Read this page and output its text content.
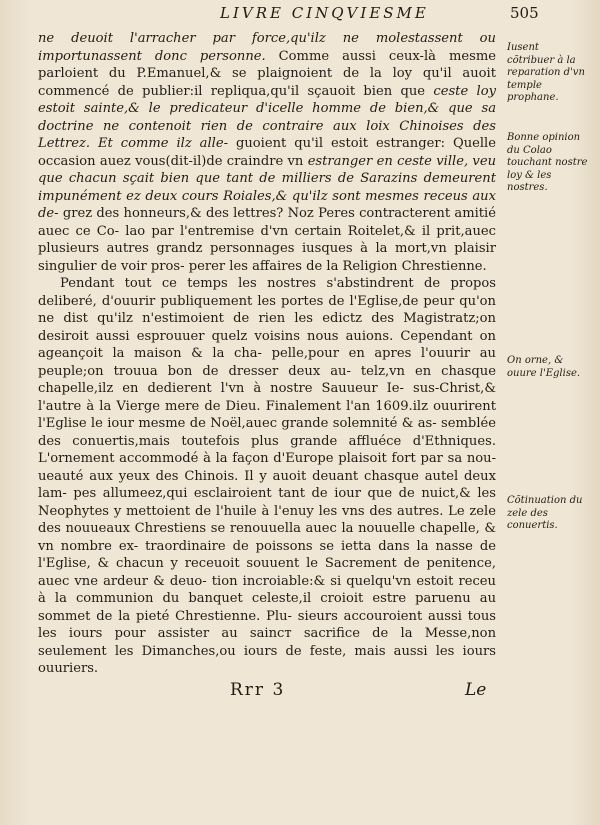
LIVRE CINQVIESME	505

ne deuoit l'arracher par force,qu'ilz ne molestassent ou importunassent donc personne. Comme aussi ceux-là mesme parloient du P.Emanuel,& se plaignoient de la loy qu'il auoit commencé de publier:il repliqua,qu'il sçauoit bien que ceste loy estoit sainte,& le predicateur d'icelle homme de bien,& que sa doctrine ne contenoit rien de contraire aux loix Chinoises des Lettrez. Et comme ilz alle- guoient qu'il estoit estranger: Quelle occasion auez vous(dit-il)de craindre vn estranger en ceste ville, veu que chacun sçait bien que tant de milliers de Sarazins demeurent impunément ez deux cours Roiales,& qu'ilz sont mesmes receus aux de- grez des honneurs,& des lettres? Noz Peres contracterent amitié auec ce Co- lao par l'entremise d'vn certain Roitelet,& il prit,auec plusieurs autres grandz personnages iusques à la mort,vn plaisir singulier de voir pros- perer les affaires de la Religion Chrestienne.

Pendant tout ce temps les nostres s'abstindrent de propos deliberé, d'ouurir publiquement les portes de l'Eglise,de peur qu'on ne dist qu'ilz n'estimoient de rien les edictz des Magistratz;on desiroit aussi esprouuer quelz voisins nous auions. Cependant on ageançoit la maison & la cha- pelle,pour en apres l'ouurir au peuple;on trouua bon de dresser deux au- telz,vn en chasque chapelle,ilz en dedierent l'vn à nostre Sauueur Ie- sus-Christ,& l'autre à la Vierge mere de Dieu. Finalement l'an 1609.ilz ouurirent l'Eglise le iour mesme de Noël,auec grande solemnité & as- semblée des conuertis,mais toutefois plus grande affluéce d'Ethniques. L'ornement accommodé à la façon d'Europe plaisoit fort par sa nou- ueauté aux yeux des Chinois. Il y auoit deuant chasque autel deux lam- pes allumeez,qui esclairoient tant de iour que de nuict,& les Neophytes y mettoient de l'huile à l'enuy les vns des autres. Le zele des nouueaux Chrestiens se renouuella auec la nouuelle chapelle, & vn nombre ex- traordinaire de poissons se ietta dans la nasse de l'Eglise, & chacun y receuoit souuent le Sacrement de penitence, auec vne ardeur & deuo- tion incroiable:& si quelqu'vn estoit receu à la communion du banquet celeste,il croioit estre paruenu au sommet de la pieté Chrestienne. Plu- sieurs accouroient aussi tous les iours pour assister au saincт sacrifice de la Messe,non seulement les Dimanches,ou iours de feste, mais aussi les iours ouuriers.

Iusent cõtribuer à la reparation d'vn temple prophane.
Bonne opinion du Colao touchant nostre loy & les nostres.
On orne, & ouure l'Eglise.
Cõtinuation du zele des conuertis.
Rrr 3	Le
